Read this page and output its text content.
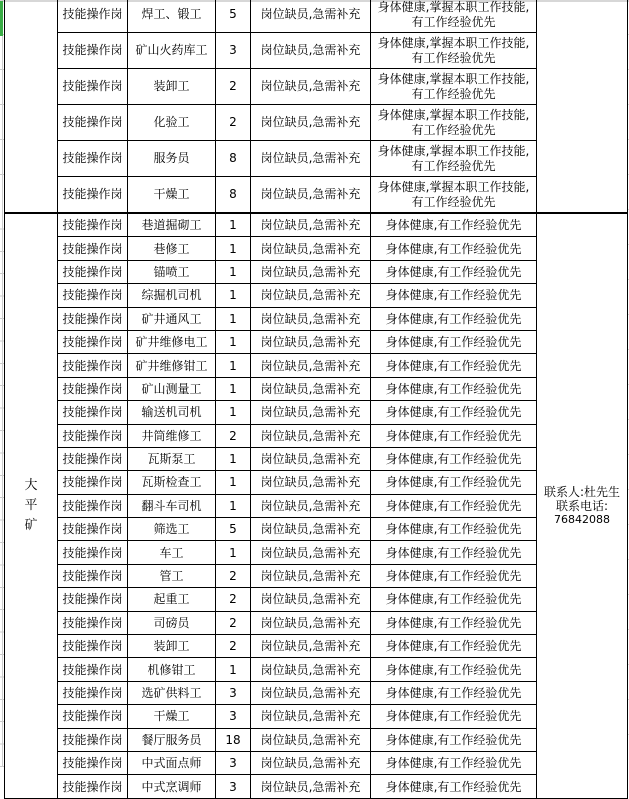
	技能操作岗	焊工、锻工	5	岗位缺员,急需补充	身体健康,掌握本职工作技能,有工作经验优先	
	技能操作岗	矿山火药库工	3	岗位缺员,急需补充	身体健康,掌握本职工作技能,有工作经验优先	
	技能操作岗	装卸工	2	岗位缺员,急需补充	身体健康,掌握本职工作技能,有工作经验优先	
	技能操作岗	化验工	2	岗位缺员,急需补充	身体健康,掌握本职工作技能,有工作经验优先	
	技能操作岗	服务员	8	岗位缺员,急需补充	身体健康,掌握本职工作技能,有工作经验优先	
	技能操作岗	干燥工	8	岗位缺员,急需补充	身体健康,掌握本职工作技能,有工作经验优先	

大
平
矿
	技能操作岗	巷道掘砌工	1	岗位缺员,急需补充	身体健康,有工作经验优先	
联系人:杜先生
联系电话:
76842088

	技能操作岗	巷修工	1	岗位缺员,急需补充	身体健康,有工作经验优先	
	技能操作岗	锚喷工	1	岗位缺员,急需补充	身体健康,有工作经验优先	
	技能操作岗	综掘机司机	1	岗位缺员,急需补充	身体健康,有工作经验优先	
	技能操作岗	矿井通风工	1	岗位缺员,急需补充	身体健康,有工作经验优先	
	技能操作岗	矿井维修电工	1	岗位缺员,急需补充	身体健康,有工作经验优先	
	技能操作岗	矿井维修钳工	1	岗位缺员,急需补充	身体健康,有工作经验优先	
	技能操作岗	矿山测量工	1	岗位缺员,急需补充	身体健康,有工作经验优先	
	技能操作岗	输送机司机	1	岗位缺员,急需补充	身体健康,有工作经验优先	
	技能操作岗	井筒维修工	2	岗位缺员,急需补充	身体健康,有工作经验优先	
	技能操作岗	瓦斯泵工	1	岗位缺员,急需补充	身体健康,有工作经验优先	
	技能操作岗	瓦斯检查工	1	岗位缺员,急需补充	身体健康,有工作经验优先	
	技能操作岗	翻斗车司机	1	岗位缺员,急需补充	身体健康,有工作经验优先	
	技能操作岗	筛选工	5	岗位缺员,急需补充	身体健康,有工作经验优先	
	技能操作岗	车工	1	岗位缺员,急需补充	身体健康,有工作经验优先	
	技能操作岗	管工	2	岗位缺员,急需补充	身体健康,有工作经验优先	
	技能操作岗	起重工	2	岗位缺员,急需补充	身体健康,有工作经验优先	
	技能操作岗	司磅员	2	岗位缺员,急需补充	身体健康,有工作经验优先	
	技能操作岗	装卸工	2	岗位缺员,急需补充	身体健康,有工作经验优先	
	技能操作岗	机修钳工	1	岗位缺员,急需补充	身体健康,有工作经验优先	
	技能操作岗	选矿供料工	3	岗位缺员,急需补充	身体健康,有工作经验优先	
	技能操作岗	干燥工	3	岗位缺员,急需补充	身体健康,有工作经验优先	
	技能操作岗	餐厅服务员	18	岗位缺员,急需补充	身体健康,有工作经验优先	
	技能操作岗	中式面点师	3	岗位缺员,急需补充	身体健康,有工作经验优先	
	技能操作岗	中式烹调师	3	岗位缺员,急需补充	身体健康,有工作经验优先	
